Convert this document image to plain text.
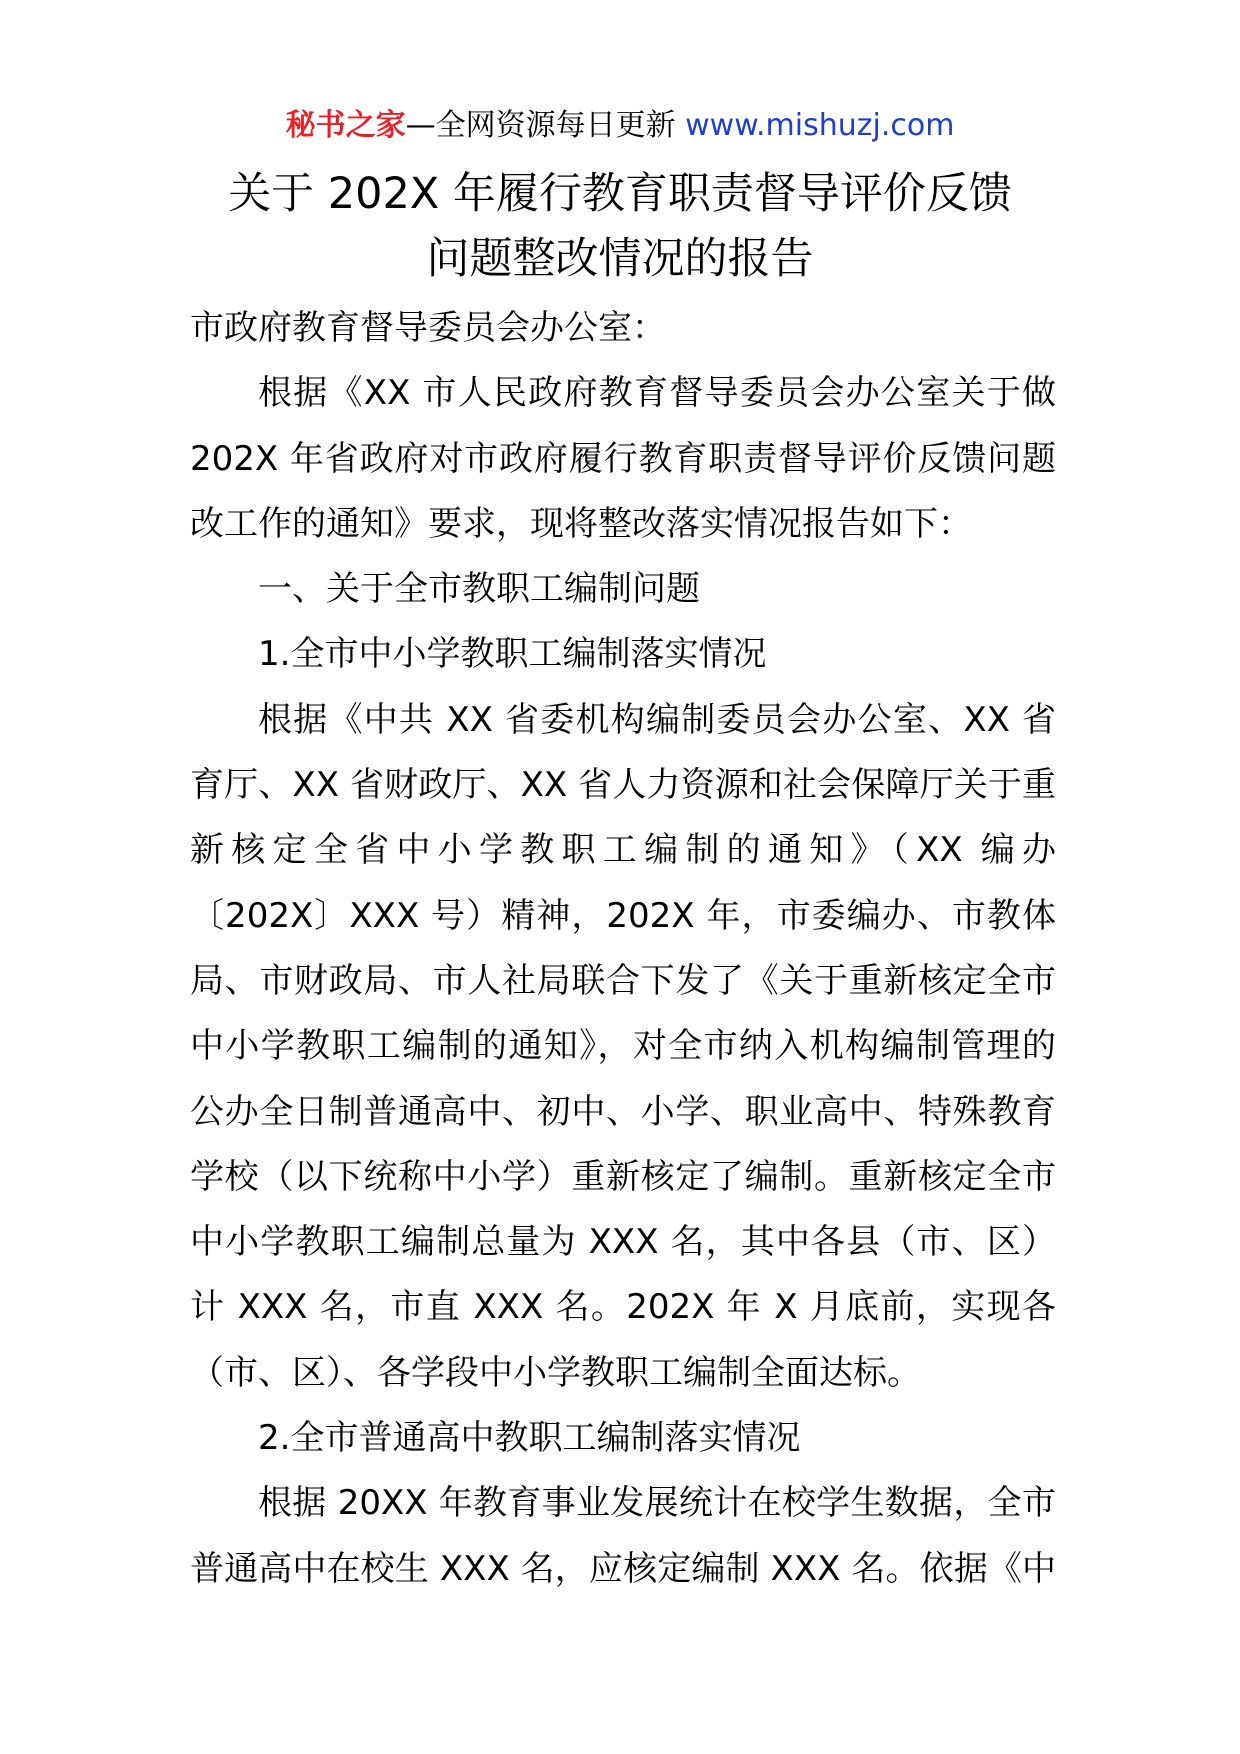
秘书之家—全网资源每日更新 www.mishuzj.com
关于 202X 年履行教育职责督导评价反馈
问题整改情况的报告
市政府教育督导委员会办公室：
根据《XX 市人民政府教育督导委员会办公室关于做
202X 年省政府对市政府履行教育职责督导评价反馈问题
改工作的通知》要求，现将整改落实情况报告如下：
一、关于全市教职工编制问题
1.全市中小学教职工编制落实情况
根据《中共 XX 省委机构编制委员会办公室、XX 省
育厅、XX 省财政厅、XX 省人力资源和社会保障厅关于重
新核定全省中小学教职工编制的通知》（XX 编办
〔202X〕XXX 号）精神，202X 年，市委编办、市教体
局、市财政局、市人社局联合下发了《关于重新核定全市
中小学教职工编制的通知》，对全市纳入机构编制管理的
公办全日制普通高中、初中、小学、职业高中、特殊教育
学校（以下统称中小学）重新核定了编制。重新核定全市
中小学教职工编制总量为 XXX 名，其中各县（市、区）
计 XXX 名，市直 XXX 名。202X 年 X 月底前，实现各
（市、区）、各学段中小学教职工编制全面达标。
2.全市普通高中教职工编制落实情况
根据 20XX 年教育事业发展统计在校学生数据，全市
普通高中在校生 XXX 名，应核定编制 XXX 名。依据《中
